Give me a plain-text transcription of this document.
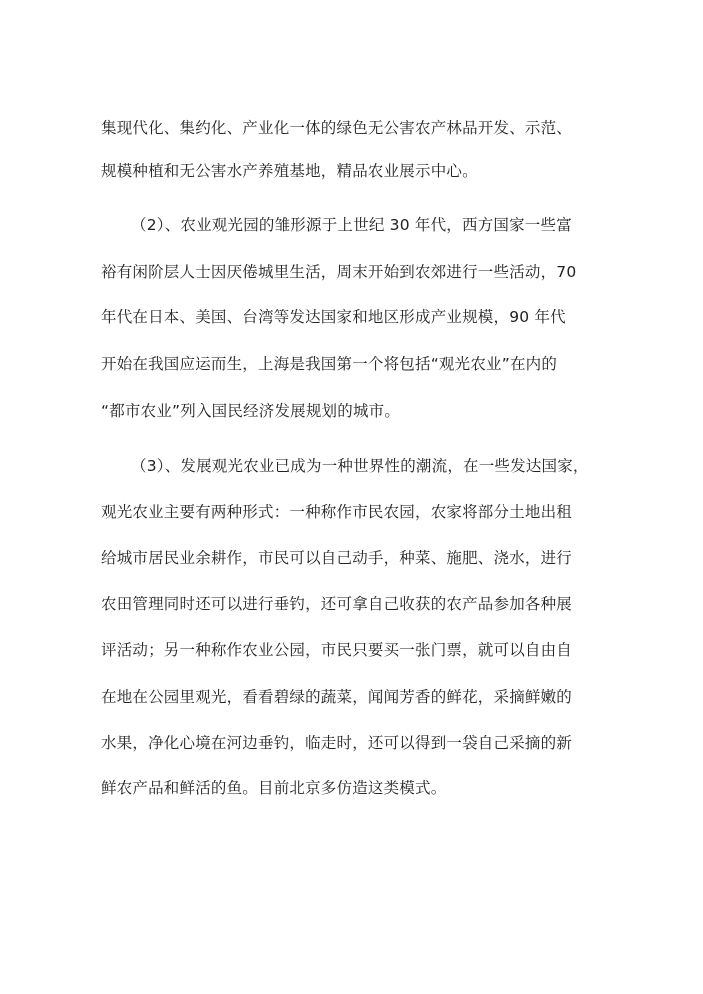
集现代化、集约化、产业化一体的绿色无公害农产林品开发、示范、
规模种植和无公害水产养殖基地，精品农业展示中心。
（2）、农业观光园的雏形源于上世纪 30 年代，西方国家一些富
裕有闲阶层人士因厌倦城里生活，周末开始到农郊进行一些活动，70
年代在日本、美国、台湾等发达国家和地区形成产业规模，90 年代
开始在我国应运而生，上海是我国第一个将包括“观光农业”在内的
“都市农业”列入国民经济发展规划的城市。
（3）、发展观光农业已成为一种世界性的潮流，在一些发达国家，
观光农业主要有两种形式：一种称作市民农园，农家将部分土地出租
给城市居民业余耕作，市民可以自己动手，种菜、施肥、浇水，进行
农田管理同时还可以进行垂钓，还可拿自己收获的农产品参加各种展
评活动；另一种称作农业公园，市民只要买一张门票，就可以自由自
在地在公园里观光，看看碧绿的蔬菜，闻闻芳香的鲜花，采摘鲜嫩的
水果，净化心境在河边垂钓，临走时，还可以得到一袋自己采摘的新
鲜农产品和鲜活的鱼。目前北京多仿造这类模式。
